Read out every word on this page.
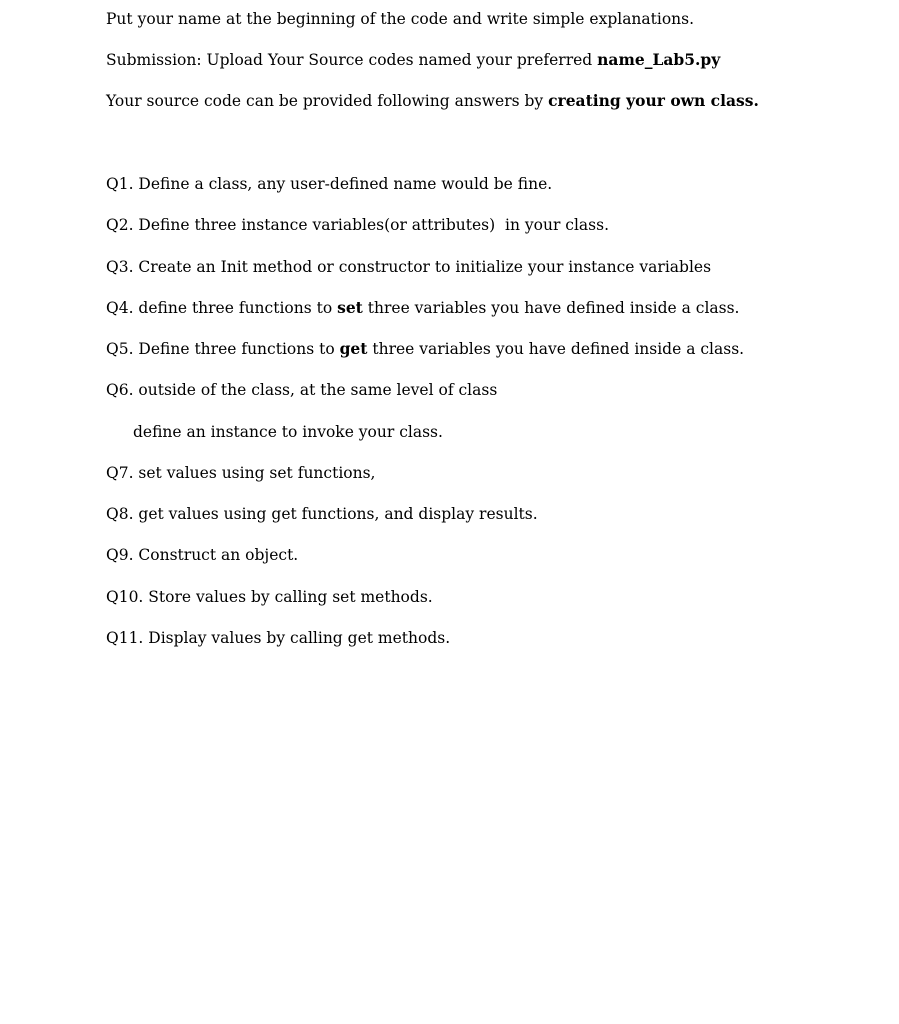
Put your name at the beginning of the code and write simple explanations.
Submission: Upload Your Source codes named your preferred name_Lab5.py
Your source code can be provided following answers by creating your own class.
Q1. Define a class, any user-defined name would be fine.
Q2. Define three instance variables(or attributes)  in your class.
Q3. Create an Init method or constructor to initialize your instance variables
Q4. define three functions to set three variables you have defined inside a class.
Q5. Define three functions to get three variables you have defined inside a class.
Q6. outside of the class, at the same level of class
define an instance to invoke your class.
Q7. set values using set functions,
Q8. get values using get functions, and display results.
Q9. Construct an object.
Q10. Store values by calling set methods.
Q11. Display values by calling get methods.
